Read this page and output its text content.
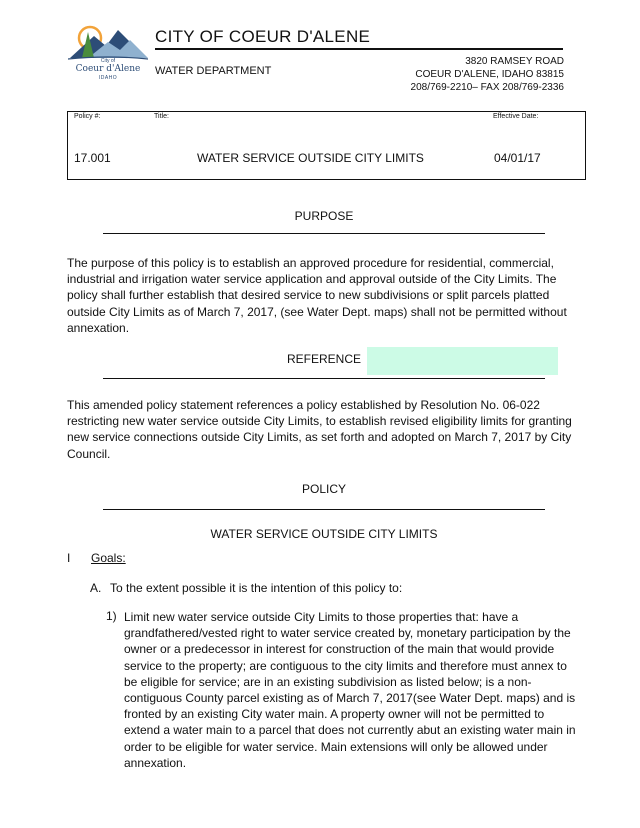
City of
Coeur d'Alene
IDAHO
CITY OF COEUR D'ALENE
WATER DEPARTMENT
3820 RAMSEY ROAD
COEUR D'ALENE, IDAHO 83815
208/769-2210– FAX 208/769-2336
Policy #:	Title:	Effective Date:
17.001	WATER SERVICE OUTSIDE CITY LIMITS	04/01/17
PURPOSE
The purpose of this policy is to establish an approved procedure for residential, commercial, industrial and irrigation water service application and approval outside of the City Limits. The policy shall further establish that desired service to new subdivisions or split parcels platted outside City Limits as of March 7, 2017, (see Water Dept. maps) shall not be permitted without annexation.
REFERENCE
This amended policy statement references a policy established by Resolution No. 06-022 restricting new water service outside City Limits, to establish revised eligibility limits for granting new service connections outside City Limits, as set forth and adopted on March 7, 2017 by City Council.
POLICY
WATER SERVICE OUTSIDE CITY LIMITS
I Goals:
A. To the extent possible it is the intention of this policy to:
1) Limit new water service outside City Limits to those properties that: have a grandfathered/vested right to water service created by, monetary participation by the owner or a predecessor in interest for construction of the main that would provide service to the property; are contiguous to the city limits and therefore must annex to be eligible for service; are in an existing subdivision as listed below; is a non-contiguous County parcel existing as of March 7, 2017(see Water Dept. maps) and is fronted by an existing City water main. A property owner will not be permitted to extend a water main to a parcel that does not currently abut an existing water main in order to be eligible for water service. Main extensions will only be allowed under annexation.
